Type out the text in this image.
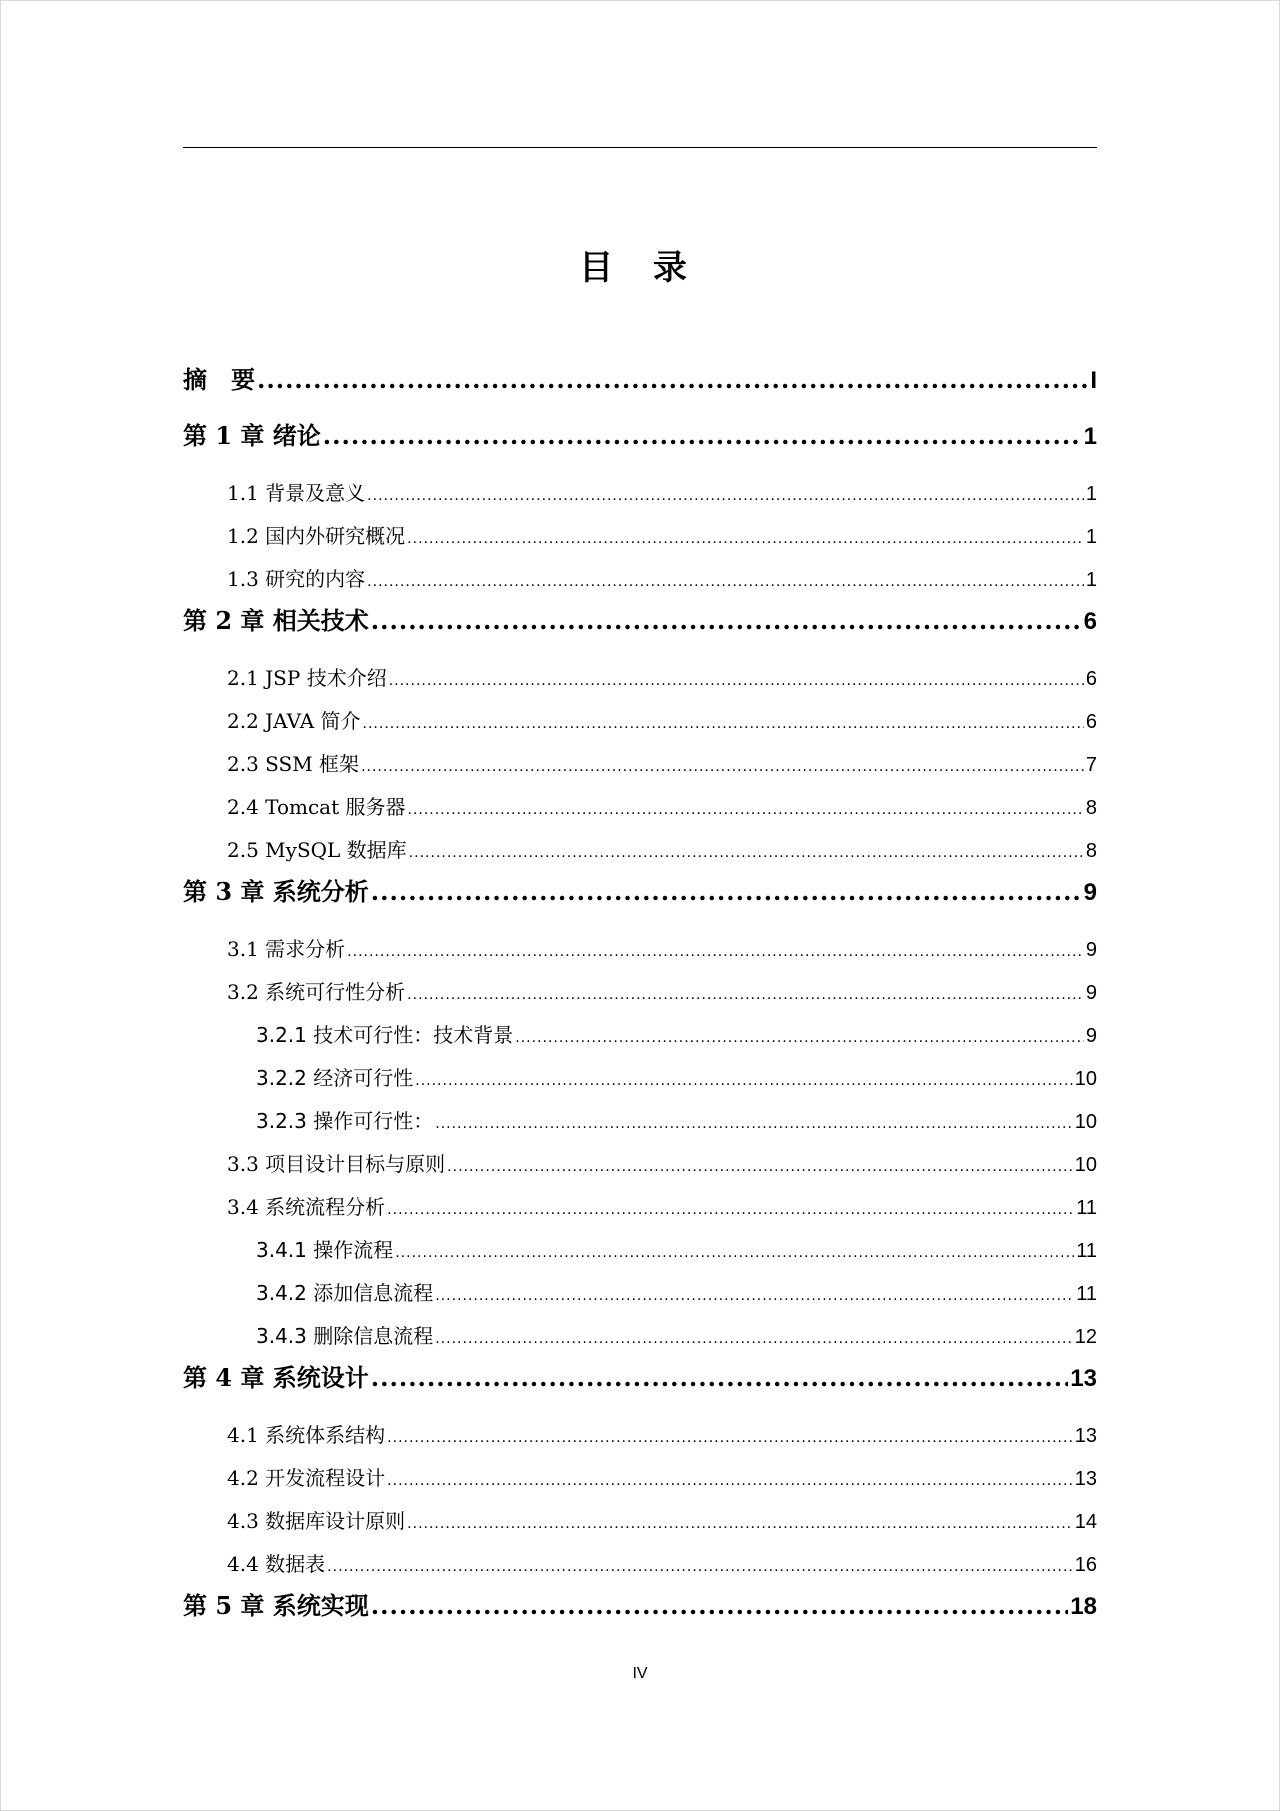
目 录
摘　要 .....	I
第 1 章 绪论 .....	1
1.1 背景及意义 .....	1
1.2 国内外研究概况 .....	1
1.3 研究的内容 .....	1
第 2 章 相关技术 .....	6
2.1 JSP 技术介绍 .....	6
2.2 JAVA 简介 .....	6
2.3 SSM 框架 .....	7
2.4 Tomcat 服务器 .....	8
2.5 MySQL 数据库 .....	8
第 3 章 系统分析 .....	9
3.1 需求分析 .....	9
3.2 系统可行性分析 .....	9
3.2.1 技术可行性：技术背景 .....	9
3.2.2 经济可行性 .....	10
3.2.3 操作可行性： .....	10
3.3 项目设计目标与原则 .....	10
3.4 系统流程分析 .....	11
3.4.1 操作流程 .....	11
3.4.2 添加信息流程 .....	11
3.4.3 删除信息流程 .....	12
第 4 章 系统设计 .....	13
4.1 系统体系结构 .....	13
4.2 开发流程设计 .....	13
4.3 数据库设计原则 .....	14
4.4 数据表 .....	16
第 5 章 系统实现 .....	18
IV
